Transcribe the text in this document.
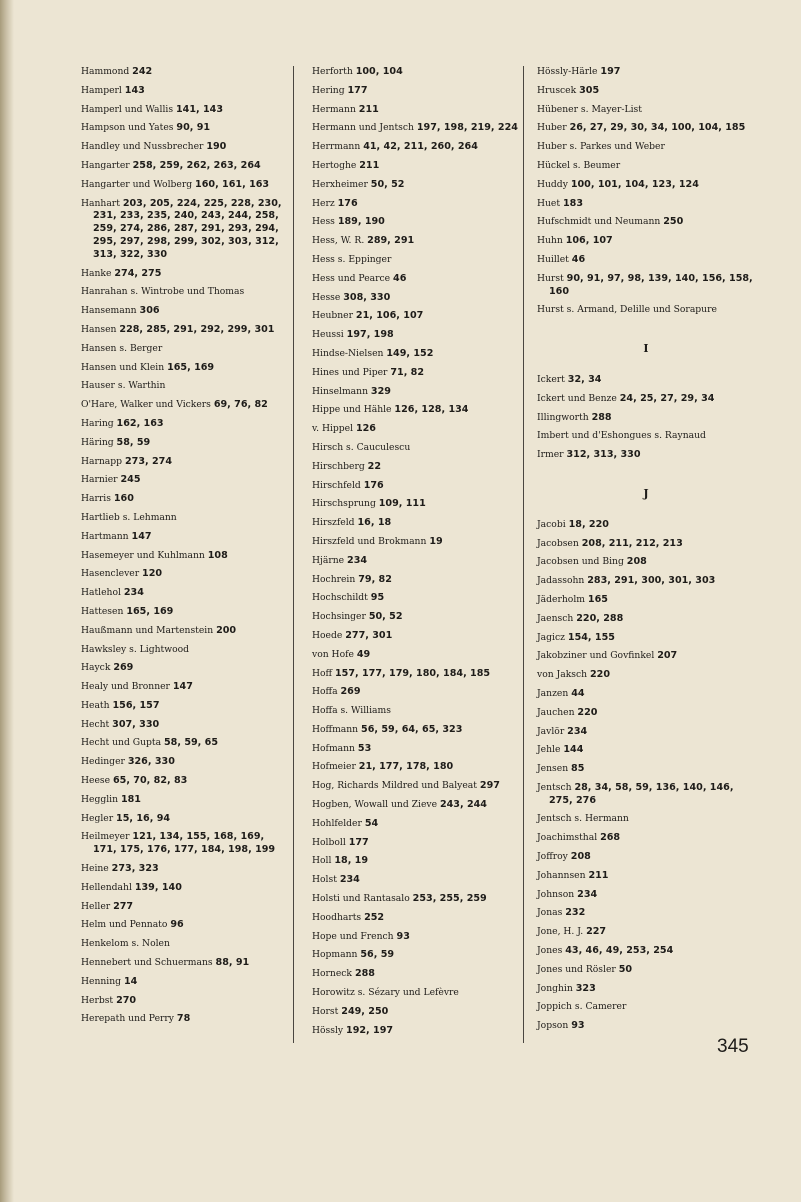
Hammond 242
Hamperl 143
Hamperl und Wallis 141, 143
Hampson und Yates 90, 91
Handley und Nussbrecher 190
Hangarter 258, 259, 262, 263, 264
Hangarter und Wolberg 160, 161, 163
Hanhart 203, 205, 224, 225, 228, 230, 231, 233, 235, 240, 243, 244, 258, 259, 274, 286, 287, 291, 293, 294, 295, 297, 298, 299, 302, 303, 312, 313, 322, 330
Hanke 274, 275
Hanrahan s. Wintrobe und Thomas
Hansemann 306
Hansen 228, 285, 291, 292, 299, 301
Hansen s. Berger
Hansen und Klein 165, 169
Hauser s. Warthin
O'Hare, Walker und Vickers 69, 76, 82
Haring 162, 163
Häring 58, 59
Harnapp 273, 274
Harnier 245
Harris 160
Hartlieb s. Lehmann
Hartmann 147
Hasemeyer und Kuhlmann 108
Hasenclever 120
Hatlehol 234
Hattesen 165, 169
Haußmann und Martenstein 200
Hawksley s. Lightwood
Hayck 269
Healy und Bronner 147
Heath 156, 157
Hecht 307, 330
Hecht und Gupta 58, 59, 65
Hedinger 326, 330
Heese 65, 70, 82, 83
Hegglin 181
Hegler 15, 16, 94
Heilmeyer 121, 134, 155, 168, 169, 171, 175, 176, 177, 184, 198, 199
Heine 273, 323
Hellendahl 139, 140
Heller 277
Helm und Pennato 96
Henkelom s. Nolen
Hennebert und Schuermans 88, 91
Henning 14
Herbst 270
Herepath und Perry 78
Herforth 100, 104
Hering 177
Hermann 211
Hermann und Jentsch 197, 198, 219, 224
Herrmann 41, 42, 211, 260, 264
Hertoghe 211
Herxheimer 50, 52
Herz 176
Hess 189, 190
Hess, W. R. 289, 291
Hess s. Eppinger
Hess und Pearce 46
Hesse 308, 330
Heubner 21, 106, 107
Heussi 197, 198
Hindse-Nielsen 149, 152
Hines und Piper 71, 82
Hinselmann 329
Hippe und Hähle 126, 128, 134
v. Hippel 126
Hirsch s. Cauculescu
Hirschberg 22
Hirschfeld 176
Hirschsprung 109, 111
Hirszfeld 16, 18
Hirszfeld und Brokmann 19
Hjärne 234
Hochrein 79, 82
Hochschildt 95
Hochsinger 50, 52
Hoede 277, 301
von Hofe 49
Hoff 157, 177, 179, 180, 184, 185
Hoffa 269
Hoffa s. Williams
Hoffmann 56, 59, 64, 65, 323
Hofmann 53
Hofmeier 21, 177, 178, 180
Hog, Richards Mildred und Balyeat 297
Hogben, Wowall und Zieve 243, 244
Hohlfelder 54
Holboll 177
Holl 18, 19
Holst 234
Holsti und Rantasalo 253, 255, 259
Hoodharts 252
Hope und French 93
Hopmann 56, 59
Horneck 288
Horowitz s. Sézary und Lefèvre
Horst 249, 250
Hössly 192, 197
Hössly-Härle 197
Hruscek 305
Hübener s. Mayer-List
Huber 26, 27, 29, 30, 34, 100, 104, 185
Huber s. Parkes und Weber
Hückel s. Beumer
Huddy 100, 101, 104, 123, 124
Huet 183
Hufschmidt und Neumann 250
Huhn 106, 107
Huillet 46
Hurst 90, 91, 97, 98, 139, 140, 156, 158, 160
Hurst s. Armand, Delille und Sorapure
I
Ickert 32, 34
Ickert und Benze 24, 25, 27, 29, 34
Illingworth 288
Imbert und d'Eshongues s. Raynaud
Irmer 312, 313, 330
J
Jacobi 18, 220
Jacobsen 208, 211, 212, 213
Jacobsen und Bing 208
Jadassohn 283, 291, 300, 301, 303
Jäderholm 165
Jaensch 220, 288
Jagicz 154, 155
Jakobziner und Govfinkel 207
von Jaksch 220
Janzen 44
Jauchen 220
Javlör 234
Jehle 144
Jensen 85
Jentsch 28, 34, 58, 59, 136, 140, 146, 275, 276
Jentsch s. Hermann
Joachimsthal 268
Joffroy 208
Johannsen 211
Johnson 234
Jonas 232
Jone, H. J. 227
Jones 43, 46, 49, 253, 254
Jones und Rösler 50
Jonghin 323
Joppich s. Camerer
Jopson 93
345
